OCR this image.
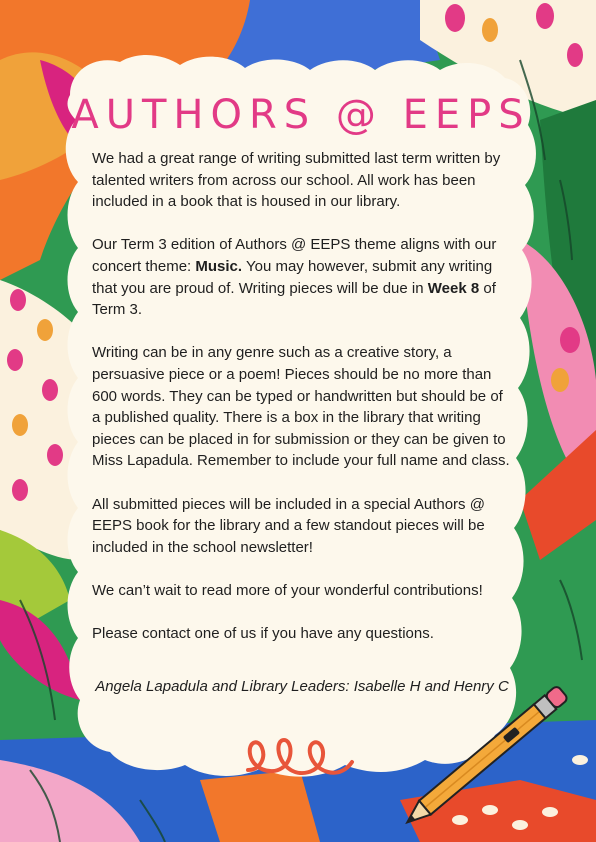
AUTHORS @ EEPS

We had a great range of writing submitted last term written by talented writers from across our school. All work has been included in a book that is housed in our library.

Our Term 3 edition of Authors @ EEPS theme aligns with our concert theme: Music. You may however, submit any writing that you are proud of. Writing pieces will be due in Week 8 of Term 3.

Writing can be in any genre such as a creative story, a persuasive piece or a poem! Pieces should be no more than 600 words. They can be typed or handwritten but should be of a published quality. There is a box in the library that writing pieces can be placed in for submission or they can be given to Miss Lapadula. Remember to include your full name and class.

All submitted pieces will be included in a special Authors @ EEPS book for the library and a few standout pieces will be included in the school newsletter!

We can’t wait to read more of your wonderful contributions!

Please contact one of us if you have any questions.

Angela Lapadula and Library Leaders: Isabelle H and Henry C
